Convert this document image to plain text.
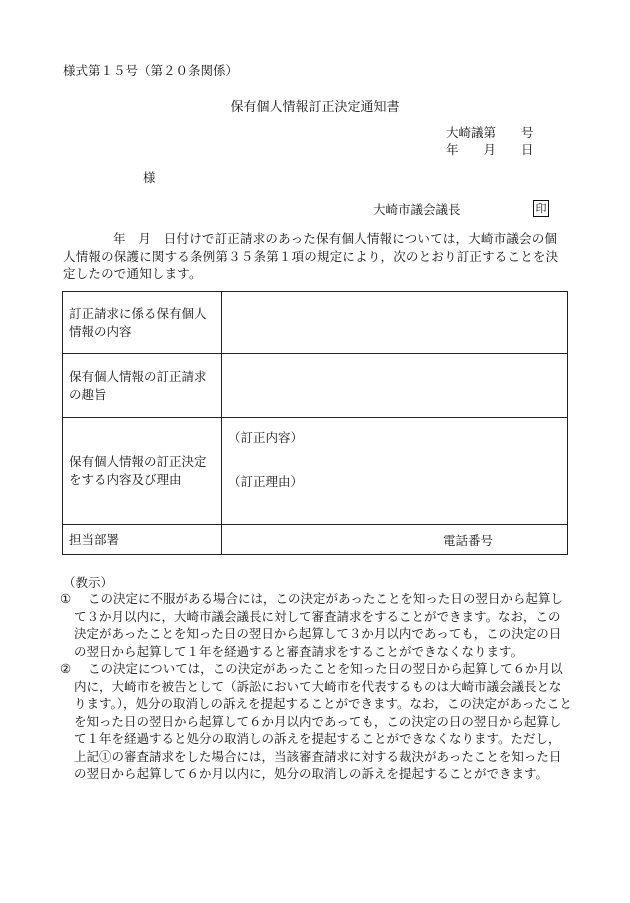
様式第１５号（第２０条関係）
保有個人情報訂正決定通知書
大崎議第　　号
年　　月　　日
様
大崎市議会議長	印
年　月　日付けで訂正請求のあった保有個人情報については，大崎市議会の個人情報の保護に関する条例第３５条第１項の規定により，次のとおり訂正することを決定したので通知します。
訂正請求に係る保有個人情報の内容	
保有個人情報の訂正請求の趣旨	
保有個人情報の訂正決定をする内容及び理由	（訂正内容）
（訂正理由）

担当部署	電話番号
（教示）
①	この決定に不服がある場合には，この決定があったことを知った日の翌日から起算して３か月以内に，大崎市議会議長に対して審査請求をすることができます。なお，この決定があったことを知った日の翌日から起算して３か月以内であっても，この決定の日の翌日から起算して１年を経過すると審査請求をすることができなくなります。
②	この決定については，この決定があったことを知った日の翌日から起算して６か月以内に，大崎市を被告として（訴訟において大崎市を代表するものは大崎市議会議長となります。），処分の取消しの訴えを提起することができます。なお，この決定があったことを知った日の翌日から起算して６か月以内であっても，この決定の日の翌日から起算して１年を経過すると処分の取消しの訴えを提起することができなくなります。ただし，上記①の審査請求をした場合には，当該審査請求に対する裁決があったことを知った日の翌日から起算して６か月以内に，処分の取消しの訴えを提起することができます。
